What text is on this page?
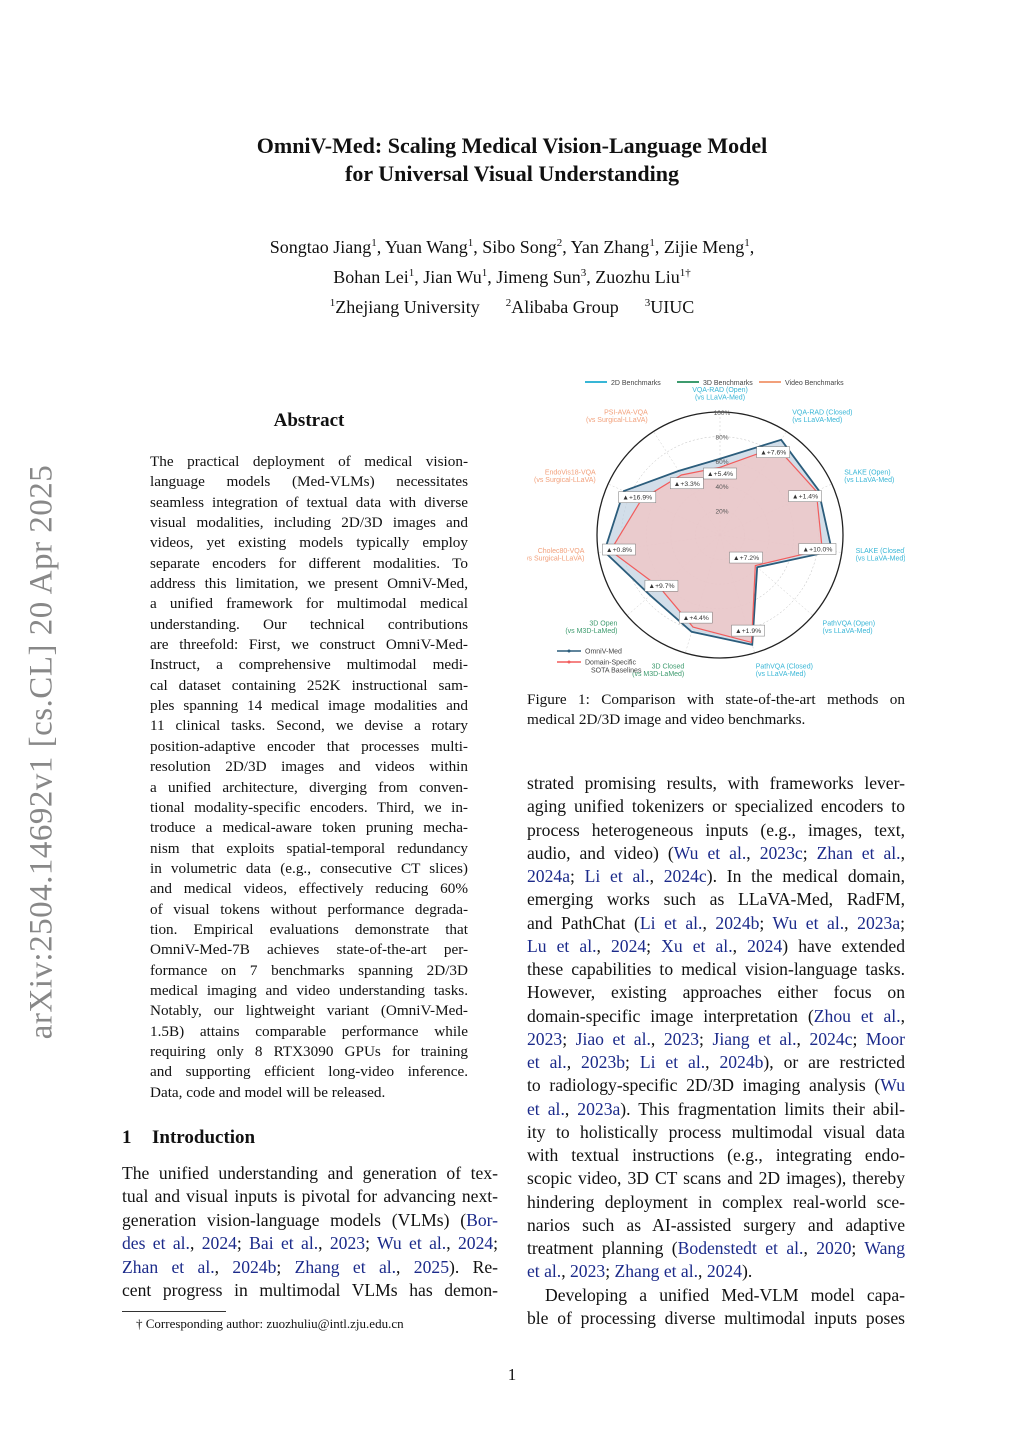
arXiv:2504.14692v1 [cs.CL] 20 Apr 2025
OmniV-Med: Scaling Medical Vision-Language Model
for Universal Visual Understanding
Songtao Jiang$^1$, Yuan Wang$^1$, Sibo Song$^2$, Yan Zhang$^1$, Zijie Meng$^1$,
Bohan Lei$^1$, Jian Wu$^1$, Jimeng Sun$^3$, Zuozhu Liu$^{1\dagger}$
$^1$Zhejiang University $^2$Alibaba Group $^3$UIUC
Abstract
The practical deployment of medical vision-
language models (Med-VLMs) necessitates
seamless integration of textual data with diverse
visual modalities, including 2D/3D images and
videos, yet existing models typically employ
separate encoders for different modalities. To
address this limitation, we present OmniV-Med,
a unified framework for multimodal medical
understanding. Our technical contributions
are threefold: First, we construct OmniV-Med-
Instruct, a comprehensive multimodal medi-
cal dataset containing 252K instructional sam-
ples spanning 14 medical image modalities and
11 clinical tasks. Second, we devise a rotary
position-adaptive encoder that processes multi-
resolution 2D/3D images and videos within
a unified architecture, diverging from conven-
tional modality-specific encoders. Third, we in-
troduce a medical-aware token pruning mecha-
nism that exploits spatial-temporal redundancy
in volumetric data (e.g., consecutive CT slices)
and medical videos, effectively reducing 60%
of visual tokens without performance degrada-
tion. Empirical evaluations demonstrate that
OmniV-Med-7B achieves state-of-the-art per-
formance on 7 benchmarks spanning 2D/3D
medical imaging and video understanding tasks.
Notably, our lightweight variant (OmniV-Med-
1.5B) attains comparable performance while
requiring only 8 RTX3090 GPUs for training
and supporting efficient long-video inference.
Data, code and model will be released.
1 Introduction
The unified understanding and generation of tex-
tual and visual inputs is pivotal for advancing next-
generation vision-language models (VLMs) (Bor-
des et al., 2024; Bai et al., 2023; Wu et al., 2024;
Zhan et al., 2024b; Zhang et al., 2025). Re-
cent progress in multimodal VLMs has demon-
† Corresponding author: zuozhuliu@intl.zju.edu.cn
2D Benchmarks	3D Benchmarks	Video Benchmarks
20%
40%
60%
80%
100%
VQA-RAD (Open) (vs LLaVA-Med)
▲+5.4%
VQA-RAD (Closed) (vs LLaVA-Med)
▲+7.6%
SLAKE (Open) (vs LLaVA-Med)
▲+1.4%
SLAKE (Closed) (vs LLaVA-Med)
▲+10.0%
PathVQA (Open) (vs LLaVA-Med)
▲+7.2%
PathVQA (Closed) (vs LLaVA-Med)
▲+1.9%
3D Closed (vs M3D-LaMed)
▲+4.4%
3D Open (vs M3D-LaMed)
▲+9.7%
Cholec80-VQA (vs Surgical-LLaVA)
▲+0.8%
EndoVis18-VQA (vs Surgical-LLaVA)
▲+16.9%
PSI-AVA-VQA (vs Surgical-LLaVA)
▲+3.3%
OmniV-Med
Domain-Specific SOTA Baselines
Figure 1: Comparison with state-of-the-art methods on
medical 2D/3D image and video benchmarks.
strated promising results, with frameworks lever-
aging unified tokenizers or specialized encoders to
process heterogeneous inputs (e.g., images, text,
audio, and video) (Wu et al., 2023c; Zhan et al.,
2024a; Li et al., 2024c). In the medical domain,
emerging works such as LLaVA-Med, RadFM,
and PathChat (Li et al., 2024b; Wu et al., 2023a;
Lu et al., 2024; Xu et al., 2024) have extended
these capabilities to medical vision-language tasks.
However, existing approaches either focus on
domain-specific image interpretation (Zhou et al.,
2023; Jiao et al., 2023; Jiang et al., 2024c; Moor
et al., 2023b; Li et al., 2024b), or are restricted
to radiology-specific 2D/3D imaging analysis (Wu
et al., 2023a). This fragmentation limits their abil-
ity to holistically process multimodal visual data
with textual instructions (e.g., integrating endo-
scopic video, 3D CT scans and 2D images), thereby
hindering deployment in complex real-world sce-
narios such as AI-assisted surgery and adaptive
treatment planning (Bodenstedt et al., 2020; Wang
et al., 2023; Zhang et al., 2024).
Developing a unified Med-VLM model capa-
ble of processing diverse multimodal inputs poses
1
